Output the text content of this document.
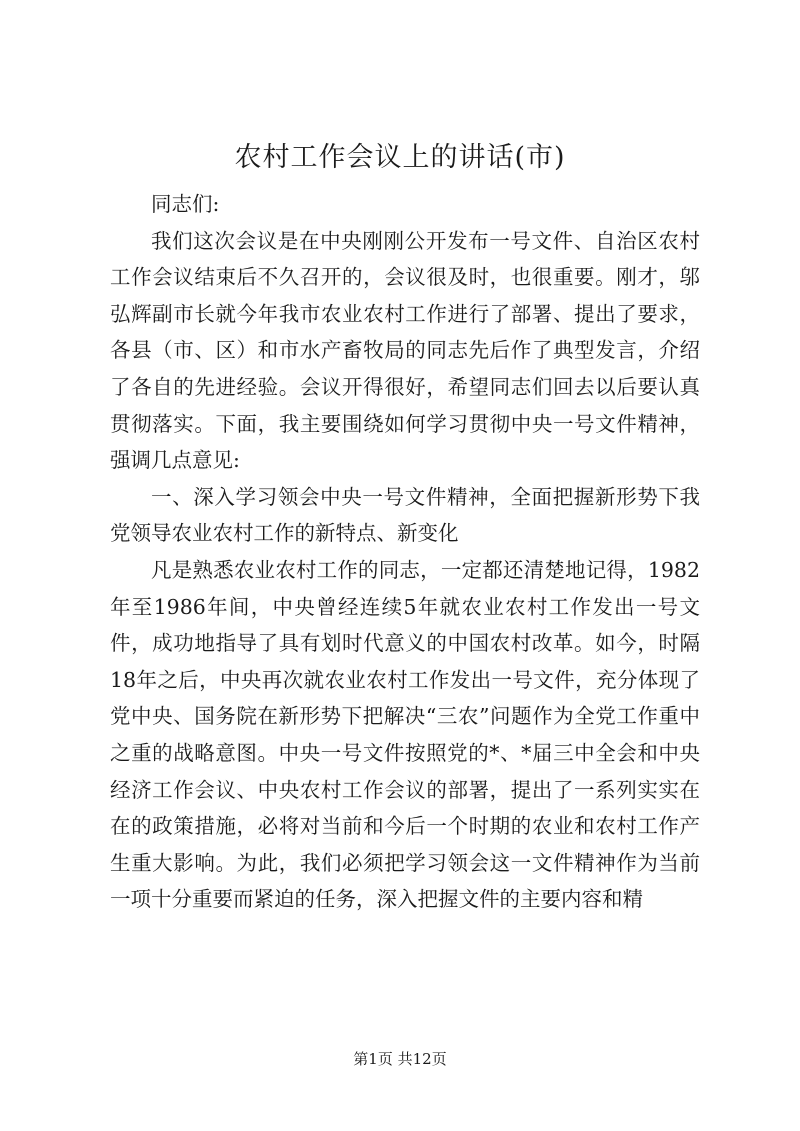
农村工作会议上的讲话(市)

同志们:

我们这次会议是在中央刚刚公开发布一号文件、自治区农村工作会议结束后不久召开的，会议很及时，也很重要。刚才，邬弘辉副市长就今年我市农业农村工作进行了部署、提出了要求，各县（市、区）和市水产畜牧局的同志先后作了典型发言，介绍了各自的先进经验。会议开得很好，希望同志们回去以后要认真贯彻落实。下面，我主要围绕如何学习贯彻中央一号文件精神，强调几点意见:

一、深入学习领会中央一号文件精神，全面把握新形势下我党领导农业农村工作的新特点、新变化

凡是熟悉农业农村工作的同志，一定都还清楚地记得，1982年至1986年间，中央曾经连续5年就农业农村工作发出一号文件，成功地指导了具有划时代意义的中国农村改革。如今，时隔18年之后，中央再次就农业农村工作发出一号文件，充分体现了党中央、国务院在新形势下把解决“三农”问题作为全党工作重中之重的战略意图。中央一号文件按照党的*、*届三中全会和中央经济工作会议、中央农村工作会议的部署，提出了一系列实实在在的政策措施，必将对当前和今后一个时期的农业和农村工作产生重大影响。为此，我们必须把学习领会这一文件精神作为当前一项十分重要而紧迫的任务，深入把握文件的主要内容和精

第1页 共12页
